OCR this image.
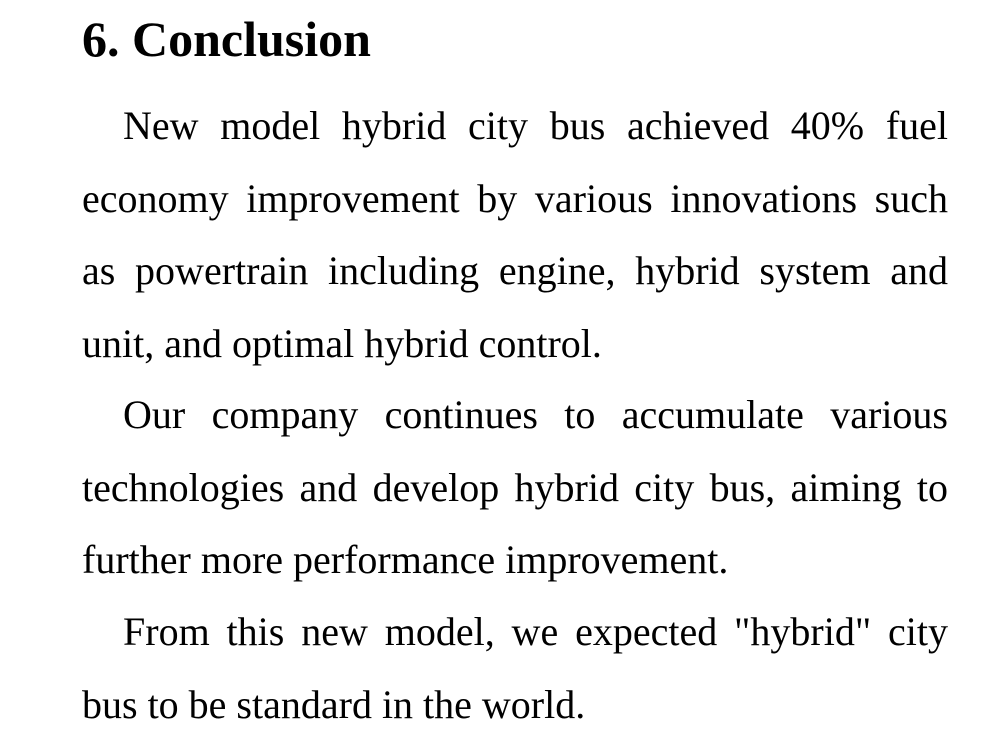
6. Conclusion

New model hybrid city bus achieved 40% fuel economy improvement by various innovations such as powertrain including engine, hybrid system and unit, and optimal hybrid control.

Our company continues to accumulate various technologies and develop hybrid city bus, aiming to further more performance improvement.

From this new model, we expected "hybrid" city bus to be standard in the world.
